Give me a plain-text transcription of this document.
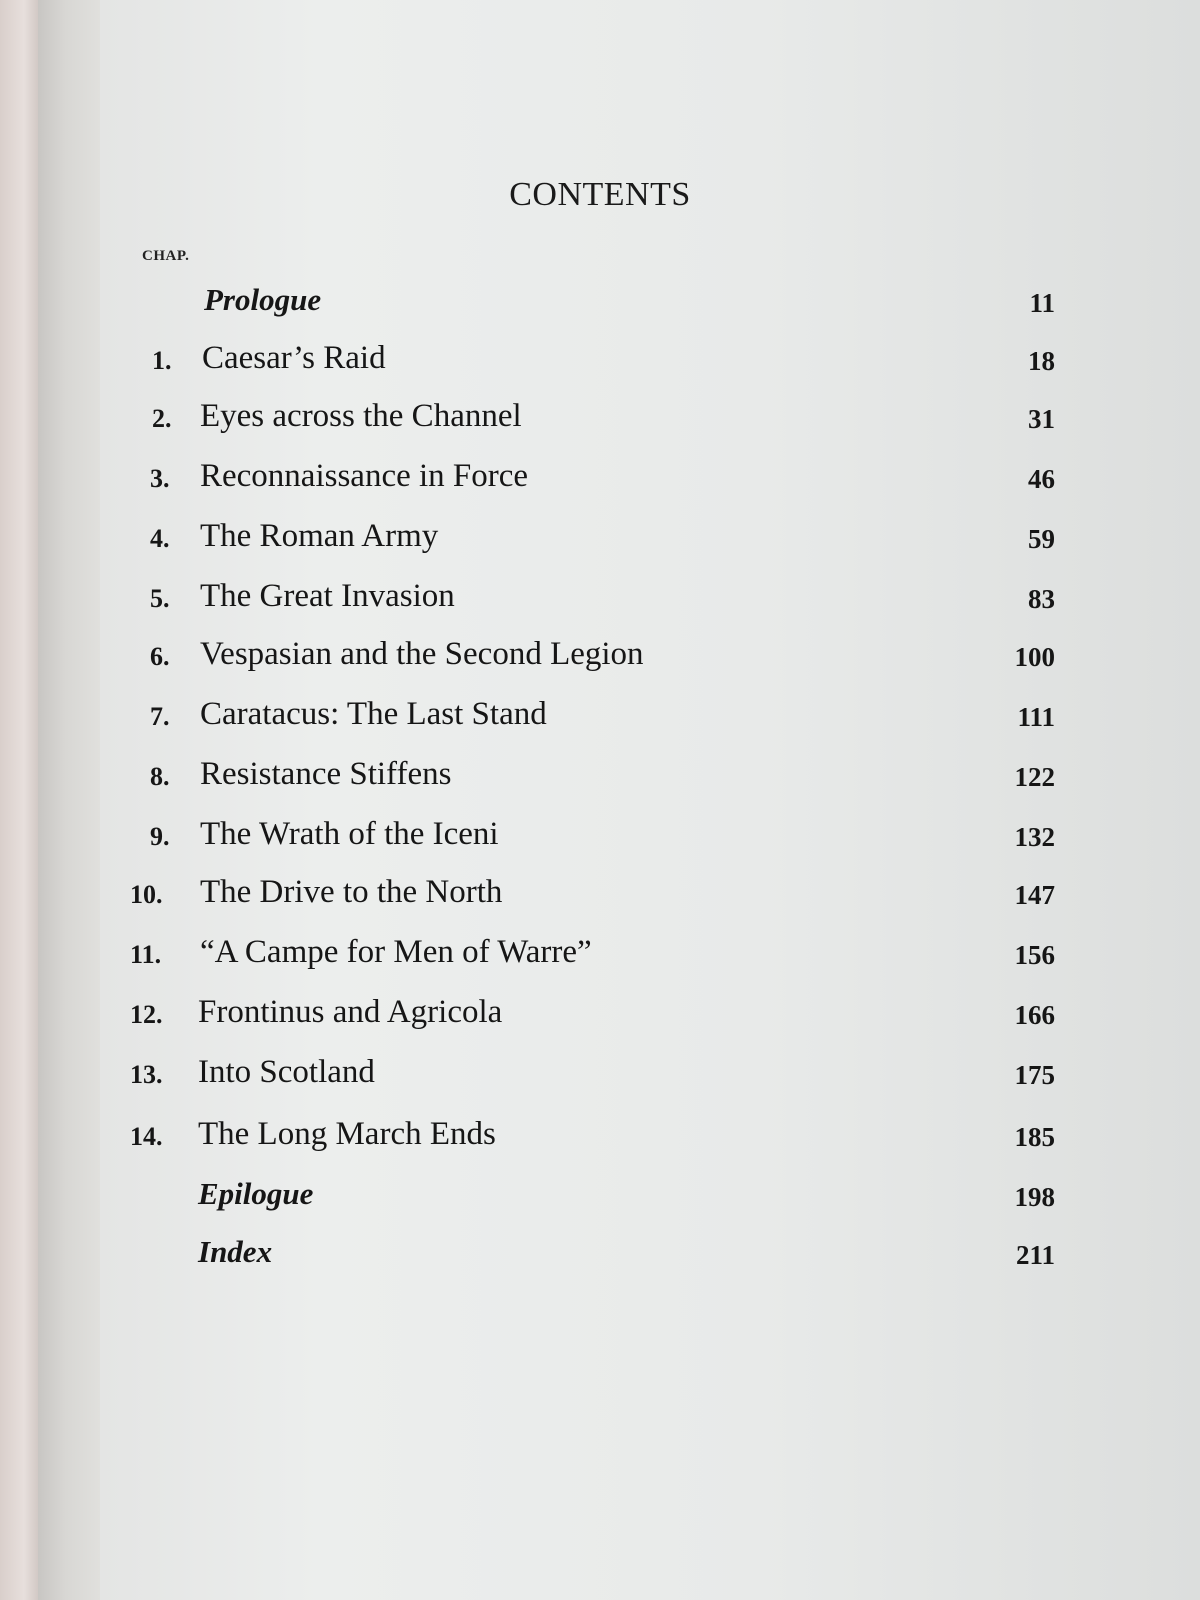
CONTENTS
CHAP.
Prologue	11
1. Caesar’s Raid	18
2. Eyes across the Channel	31
3. Reconnaissance in Force	46
4. The Roman Army	59
5. The Great Invasion	83
6. Vespasian and the Second Legion	100
7. Caratacus: The Last Stand	111
8. Resistance Stiffens	122
9. The Wrath of the Iceni	132
10. The Drive to the North	147
11. “A Campe for Men of Warre”	156
12. Frontinus and Agricola	166
13. Into Scotland	175
14. The Long March Ends	185
Epilogue	198
Index	211
